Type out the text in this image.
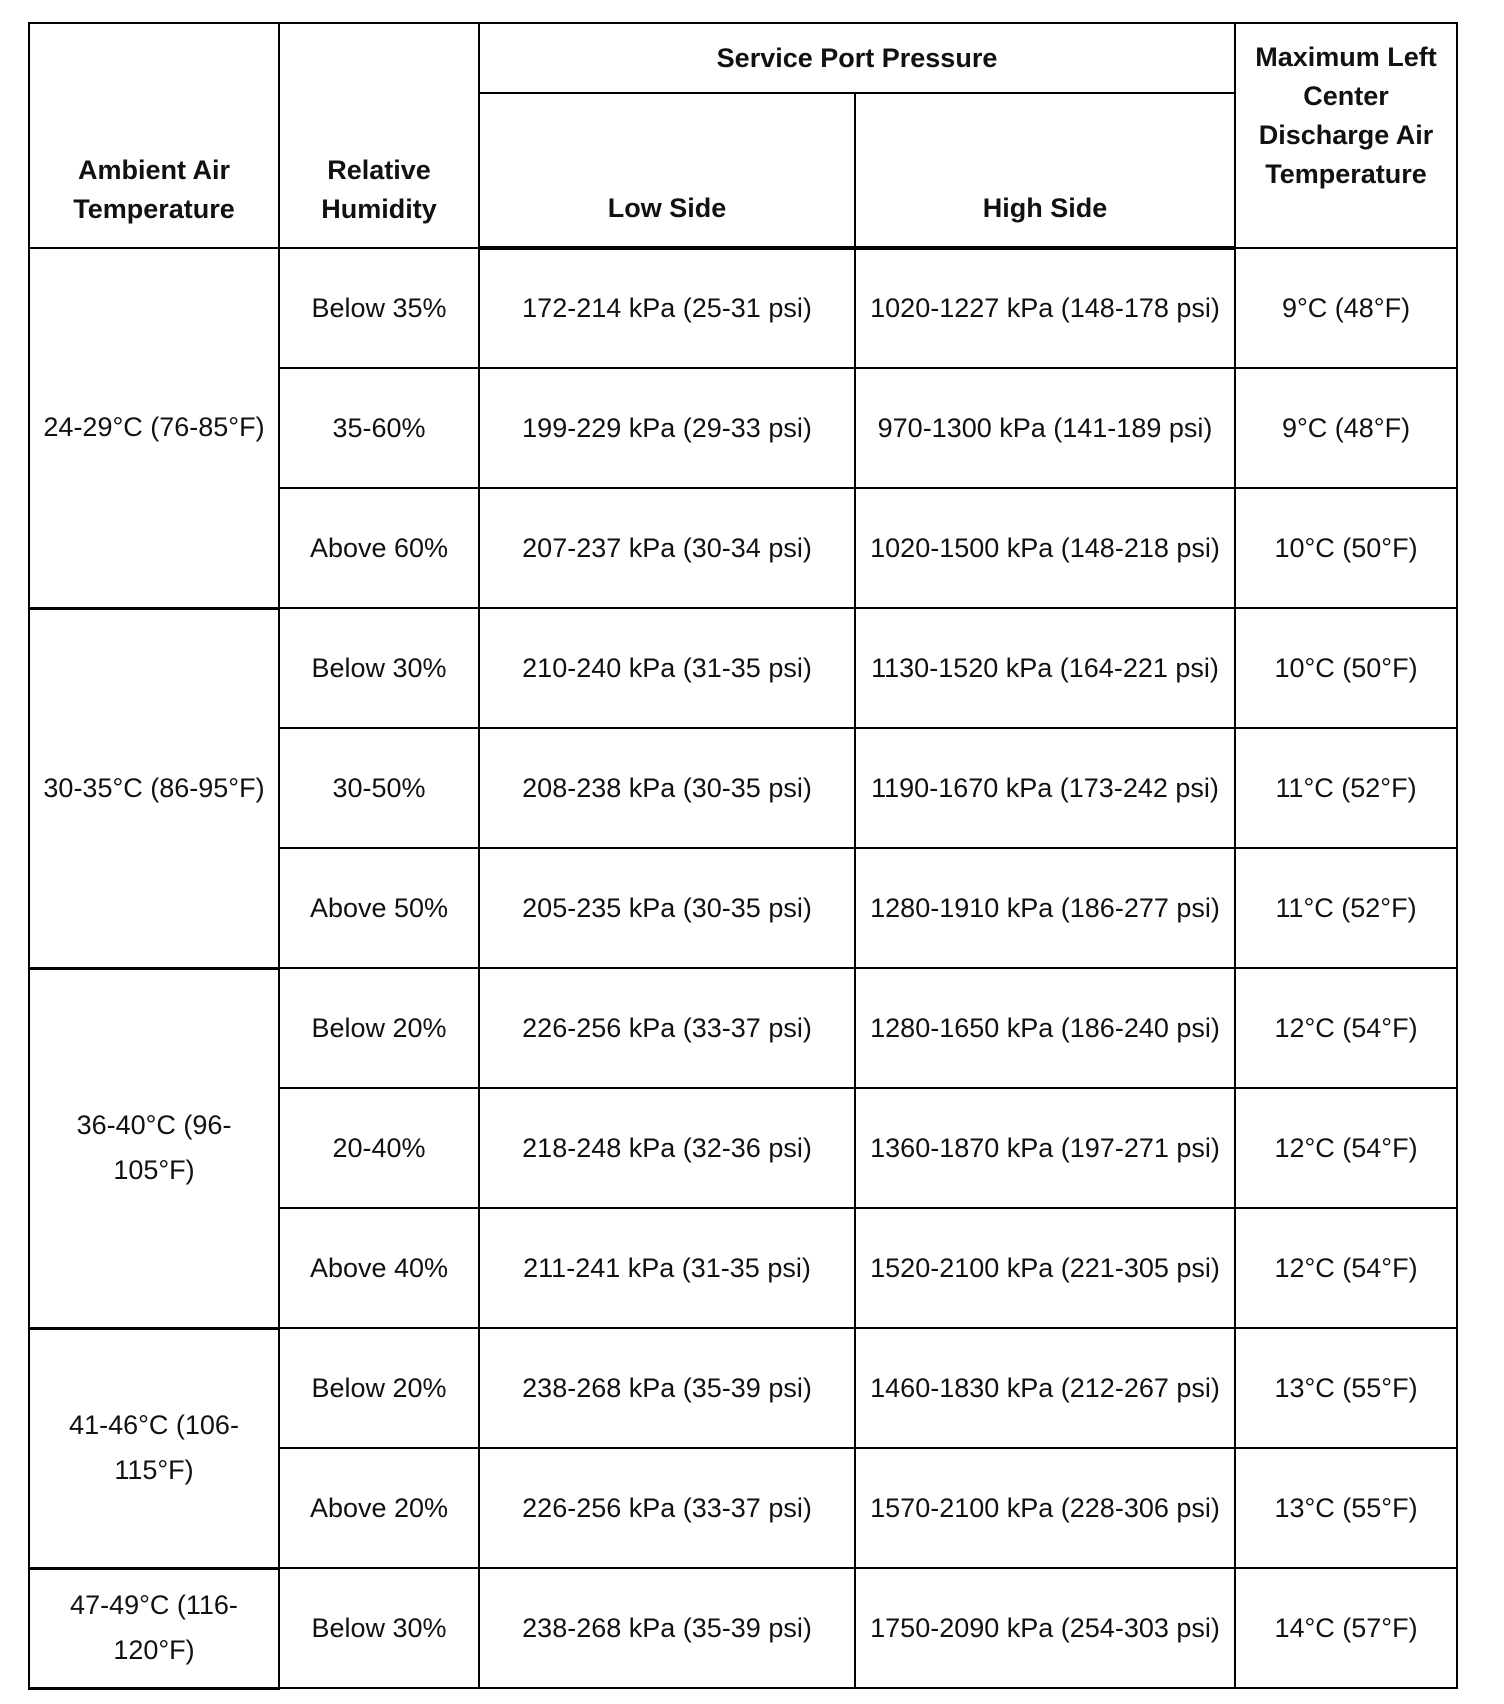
Ambient Air Temperature	Relative Humidity	Service Port Pressure		Maximum Left Center Discharge Air Temperature
		Low Side	High Side	
24-29°C (76-85°F)	Below 35%	172-214 kPa (25-31 psi)	1020-1227 kPa (148-178 psi)	9°C (48°F)
	35-60%	199-229 kPa (29-33 psi)	970-1300 kPa (141-189 psi)	9°C (48°F)
	Above 60%	207-237 kPa (30-34 psi)	1020-1500 kPa (148-218 psi)	10°C (50°F)
30-35°C (86-95°F)	Below 30%	210-240 kPa (31-35 psi)	1130-1520 kPa (164-221 psi)	10°C (50°F)
	30-50%	208-238 kPa (30-35 psi)	1190-1670 kPa (173-242 psi)	11°C (52°F)
	Above 50%	205-235 kPa (30-35 psi)	1280-1910 kPa (186-277 psi)	11°C (52°F)
36-40°C (96-105°F)	Below 20%	226-256 kPa (33-37 psi)	1280-1650 kPa (186-240 psi)	12°C (54°F)
	20-40%	218-248 kPa (32-36 psi)	1360-1870 kPa (197-271 psi)	12°C (54°F)
	Above 40%	211-241 kPa (31-35 psi)	1520-2100 kPa (221-305 psi)	12°C (54°F)
41-46°C (106-115°F)	Below 20%	238-268 kPa (35-39 psi)	1460-1830 kPa (212-267 psi)	13°C (55°F)
	Above 20%	226-256 kPa (33-37 psi)	1570-2100 kPa (228-306 psi)	13°C (55°F)
47-49°C (116-120°F)	Below 30%	238-268 kPa (35-39 psi)	1750-2090 kPa (254-303 psi)	14°C (57°F)
